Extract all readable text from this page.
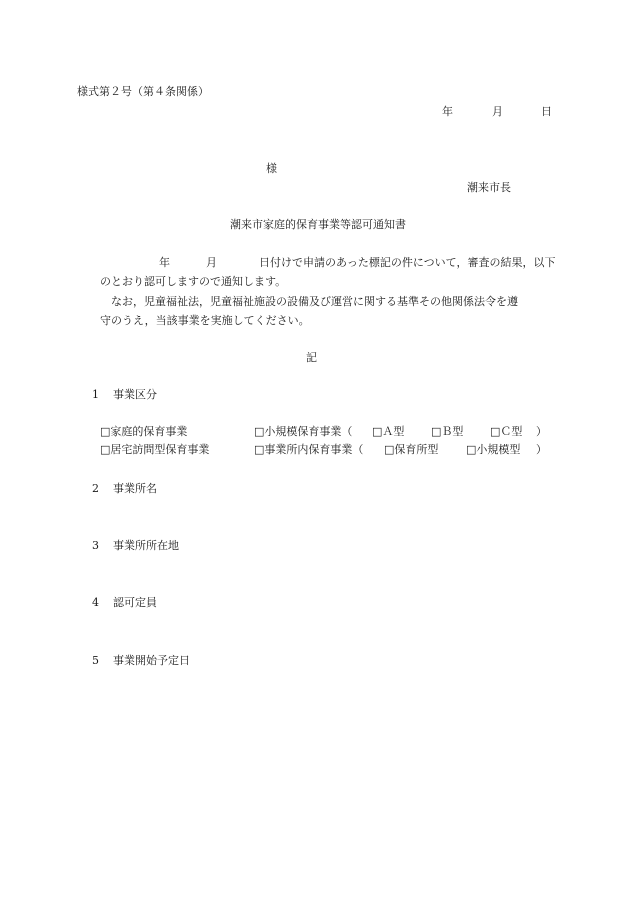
様式第２号（第４条関係）
年	月	日
様
潮来市長
潮来市家庭的保育事業等認可通知書
年	月	日付けで申請のあった標記の件について，審査の結果，以下
のとおり認可しますので通知します。
なお，児童福祉法，児童福祉施設の設備及び運営に関する基準その他関係法令を遵
守のうえ，当該事業を実施してください。
記
1 事業区分
□家庭的保育事業	□小規模保育事業（ □Ａ型 □Ｂ型 □Ｃ型 ）
□居宅訪問型保育事業	□事業所内保育事業（ □保育所型	□小規模型 ）
2 事業所名
3 事業所所在地
4 認可定員
5 事業開始予定日
